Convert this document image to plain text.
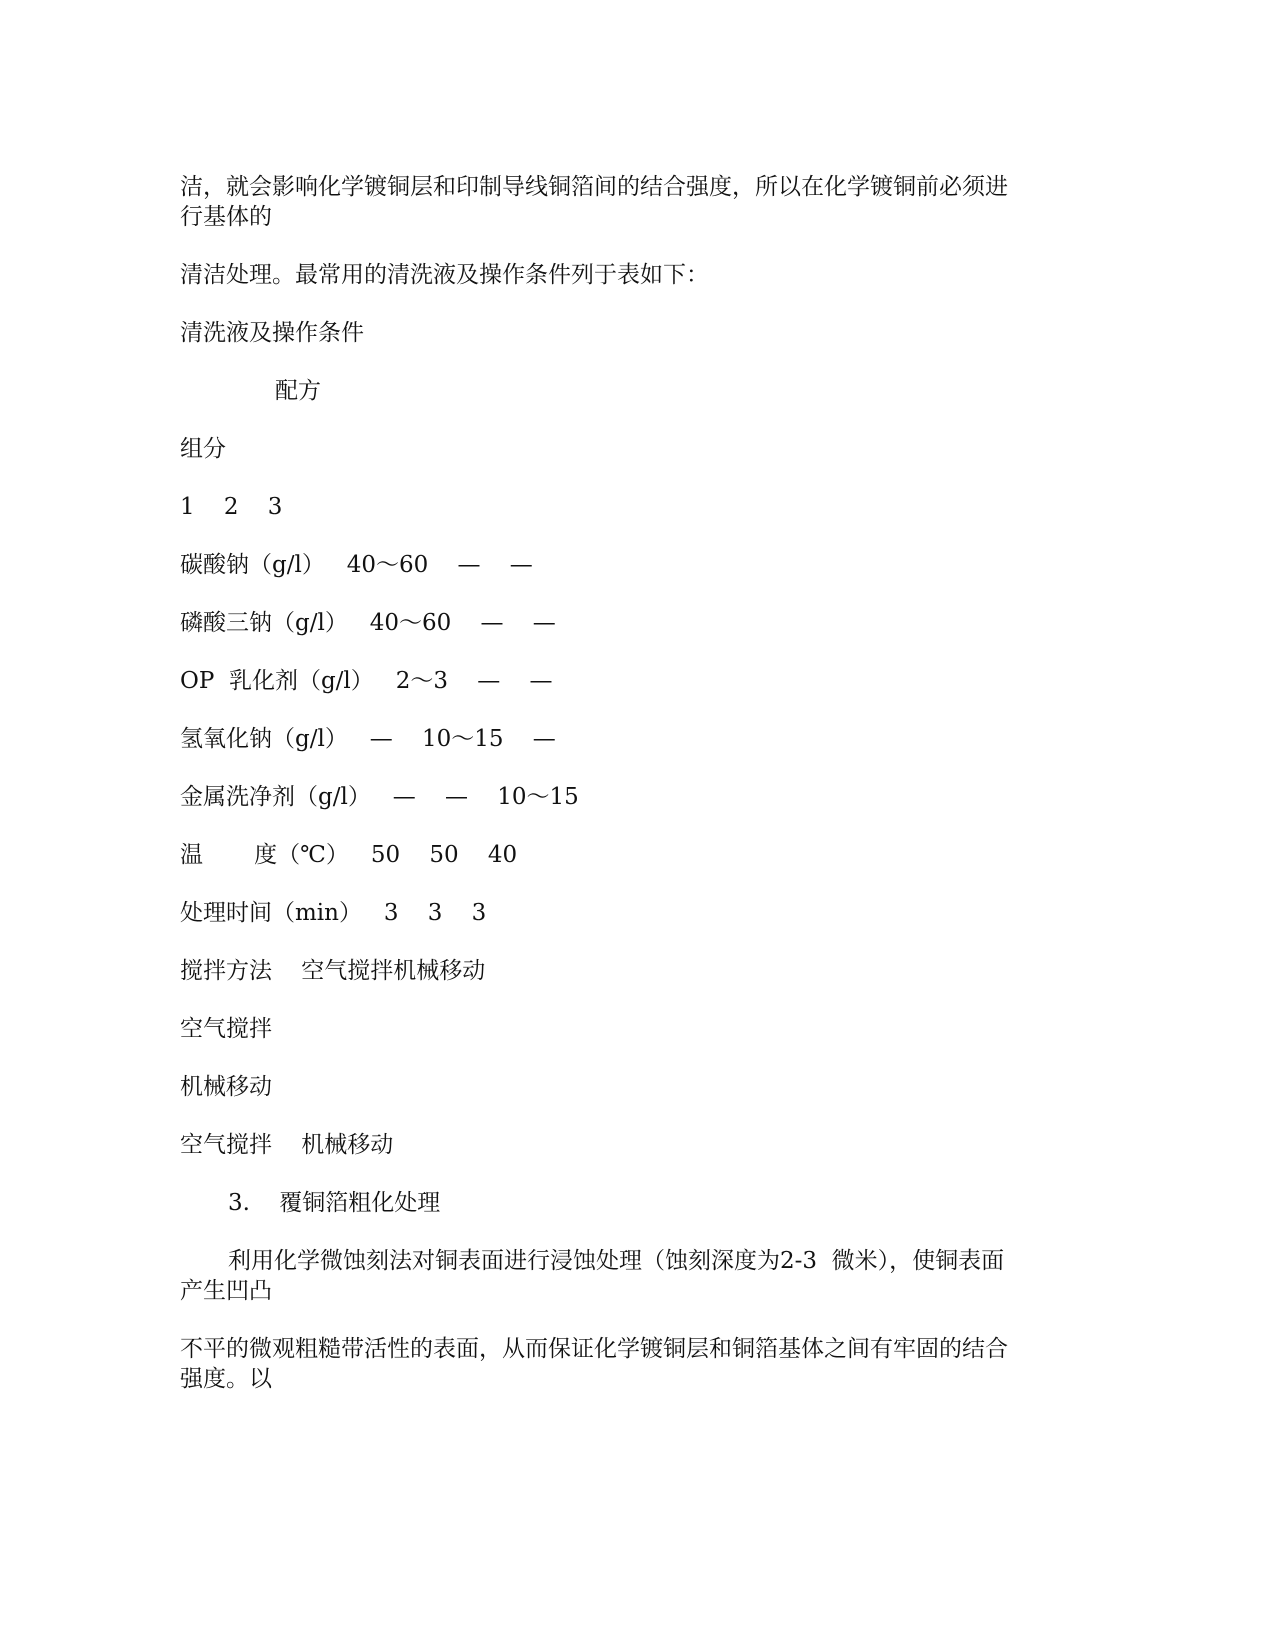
洁，就会影响化学镀铜层和印制导线铜箔间的结合强度，所以在化学镀铜前必须进
行基体的
清洁处理。最常用的清洗液及操作条件列于表如下：
清洗液及操作条件
配方
组分
1    2    3
碳酸钠（g/l）   40～60    —    —
磷酸三钠（g/l）   40～60    —    —
OP  乳化剂（g/l）   2～3    —    —
氢氧化钠（g/l）   —    10～15    —
金属洗净剂（g/l）   —    —    10～15
温       度（℃）   50    50    40
处理时间（min）   3    3    3
搅拌方法    空气搅拌机械移动
空气搅拌
机械移动
空气搅拌    机械移动
3.    覆铜箔粗化处理
利用化学微蚀刻法对铜表面进行浸蚀处理（蚀刻深度为2-3  微米），使铜表面
产生凹凸
不平的微观粗糙带活性的表面，从而保证化学镀铜层和铜箔基体之间有牢固的结合
强度。以
